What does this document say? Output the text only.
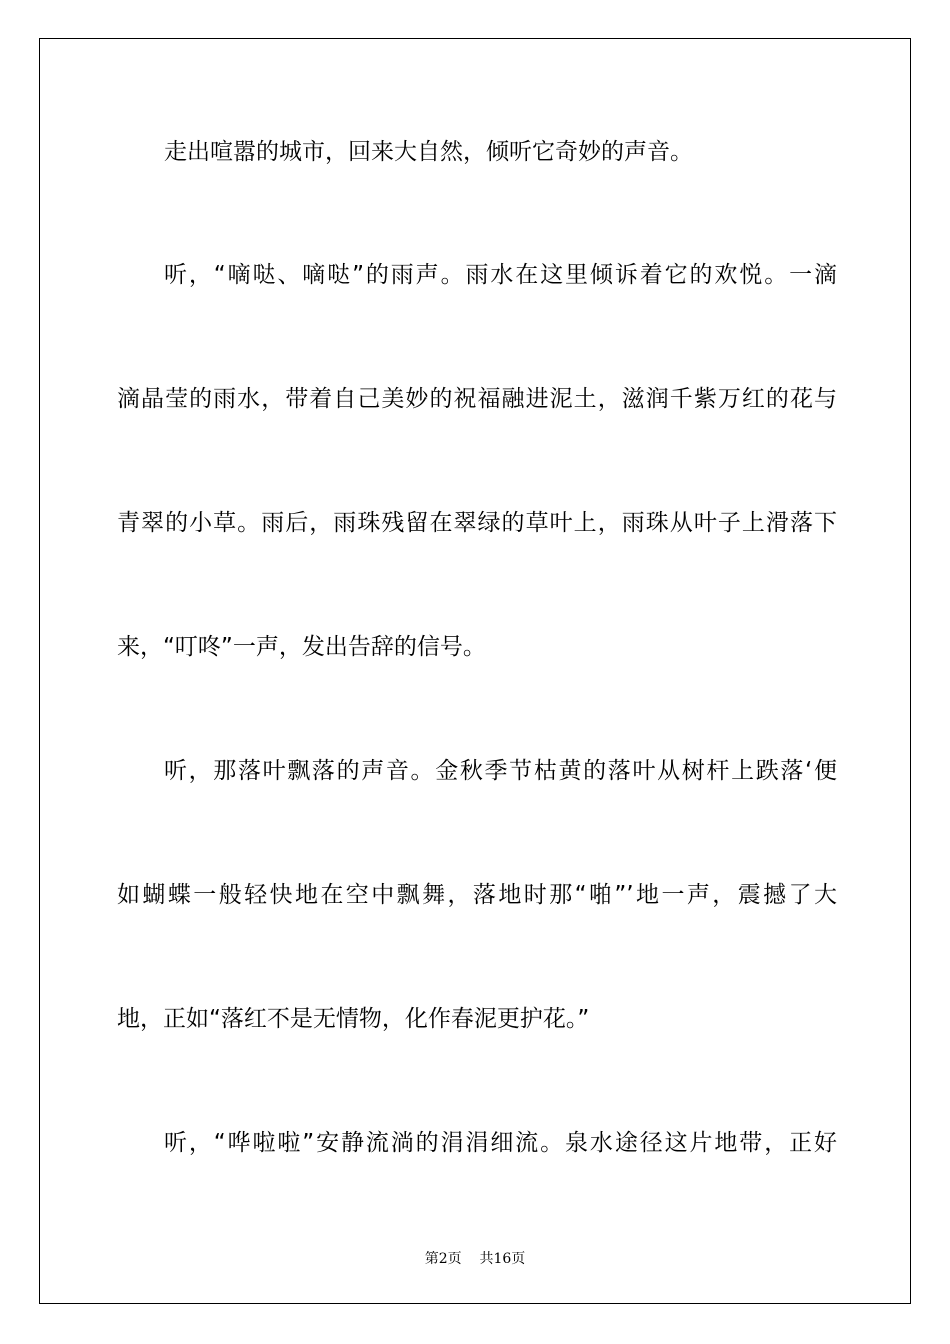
走出喧嚣的城市，回来大自然，倾听它奇妙的声音。
听，“嘀哒、嘀哒”的雨声。雨水在这里倾诉着它的欢悦。一滴
滴晶莹的雨水，带着自己美妙的祝福融进泥土，滋润千紫万红的花与
青翠的小草。雨后，雨珠残留在翠绿的草叶上，雨珠从叶子上滑落下
来，“叮咚”一声，发出告辞的信号。
听，那落叶飘落的声音。金秋季节枯黄的落叶从树杆上跌落‘便
如蝴蝶一般轻快地在空中飘舞，落地时那“啪”’地一声，震撼了大
地，正如“落红不是无情物，化作春泥更护花。”
听，“哗啦啦”安静流淌的涓涓细流。泉水途径这片地带，正好
第2页 共16页
